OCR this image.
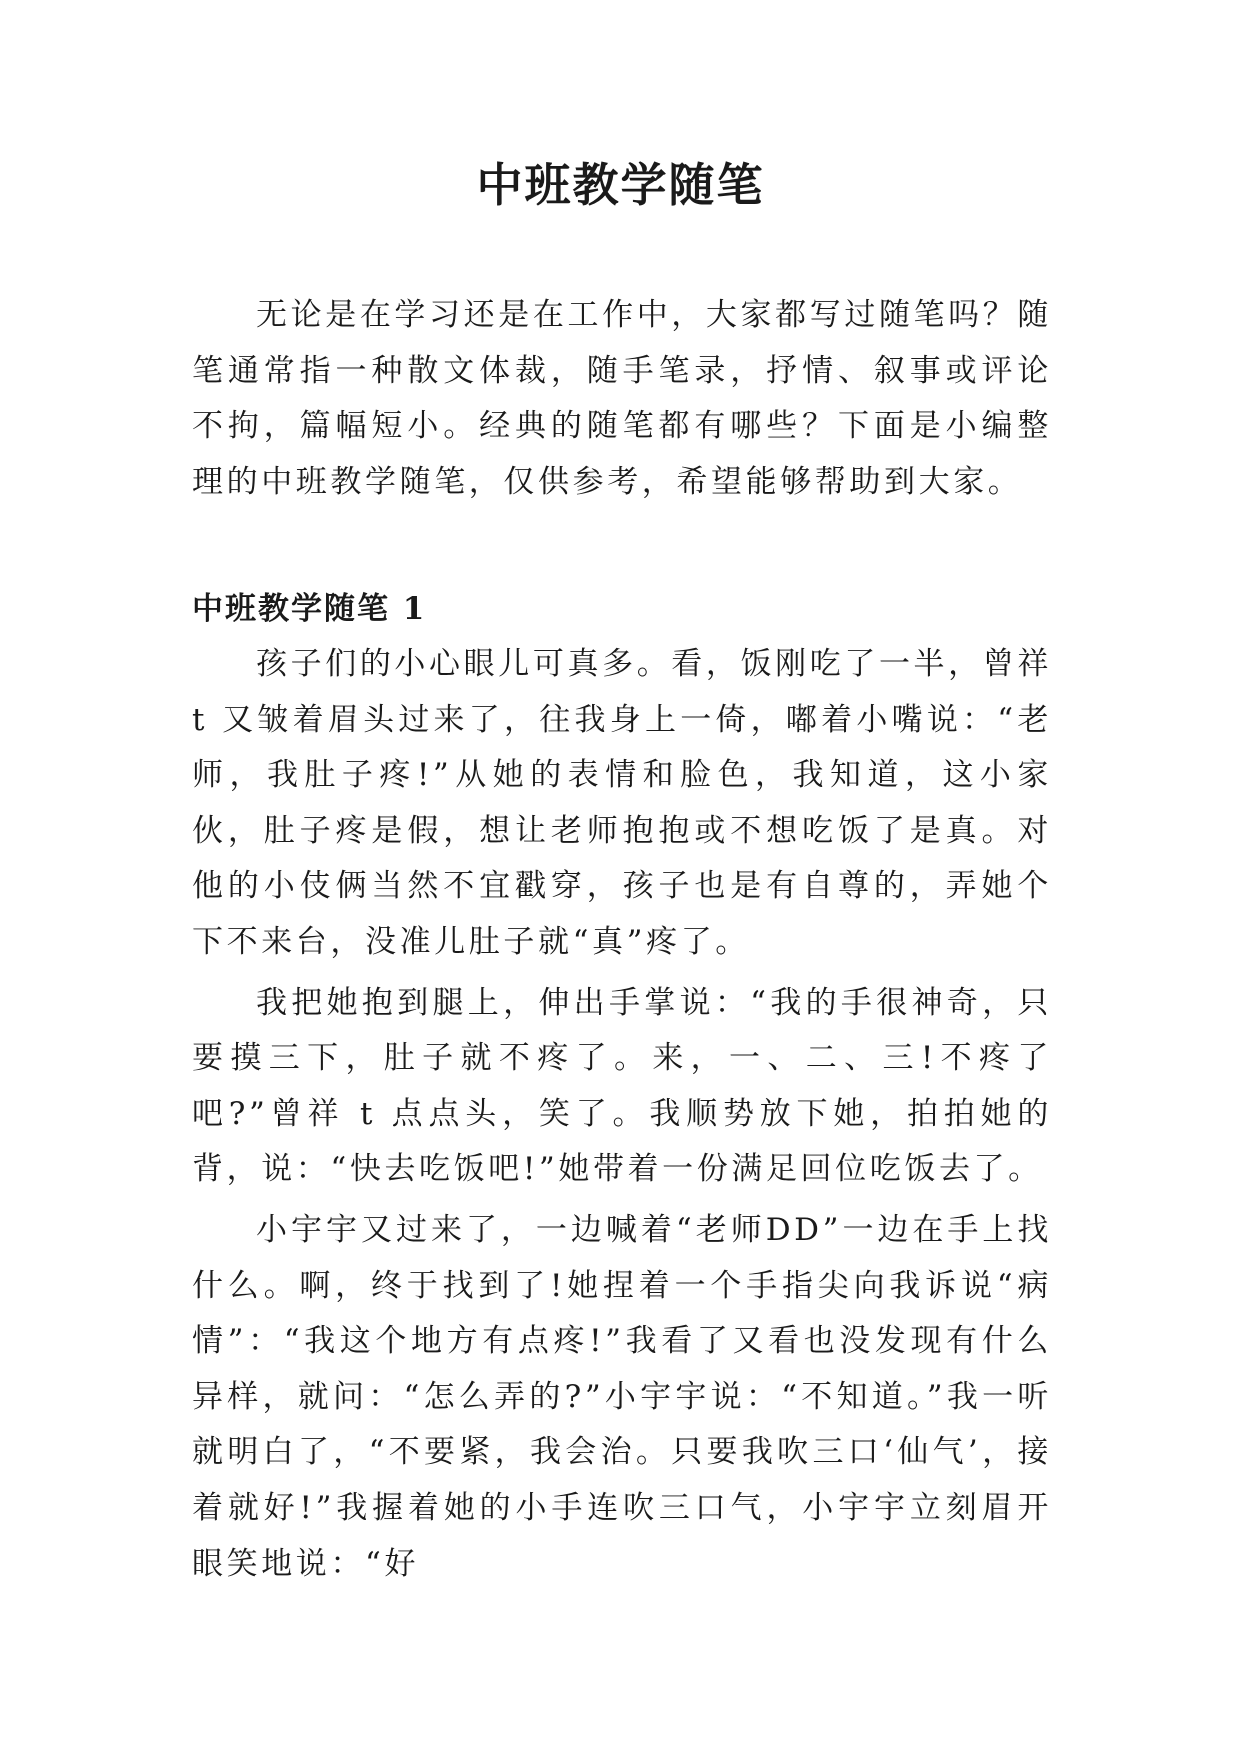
中班教学随笔

无论是在学习还是在工作中，大家都写过随笔吗？随笔通常指一种散文体裁，随手笔录，抒情、叙事或评论不拘，篇幅短小。经典的随笔都有哪些？下面是小编整理的中班教学随笔，仅供参考，希望能够帮助到大家。

中班教学随笔 1

孩子们的小心眼儿可真多。看，饭刚吃了一半，曾祥 t 又皱着眉头过来了，往我身上一倚，嘟着小嘴说：“老师，我肚子疼!”从她的表情和脸色，我知道，这小家伙，肚子疼是假，想让老师抱抱或不想吃饭了是真。对他的小伎俩当然不宜戳穿，孩子也是有自尊的，弄她个下不来台，没准儿肚子就“真”疼了。

我把她抱到腿上，伸出手掌说：“我的手很神奇，只要摸三下，肚子就不疼了。来，一、二、三!不疼了吧?”曾祥 t 点点头，笑了。我顺势放下她，拍拍她的背，说：“快去吃饭吧!”她带着一份满足回位吃饭去了。

小宇宇又过来了，一边喊着“老师DD”一边在手上找什么。啊，终于找到了!她捏着一个手指尖向我诉说“病情”：“我这个地方有点疼!”我看了又看也没发现有什么异样，就问：“怎么弄的?”小宇宇说：“不知道。”我一听就明白了，“不要紧，我会治。只要我吹三口‘仙气’，接着就好!”我握着她的小手连吹三口气，小宇宇立刻眉开眼笑地说：“好
